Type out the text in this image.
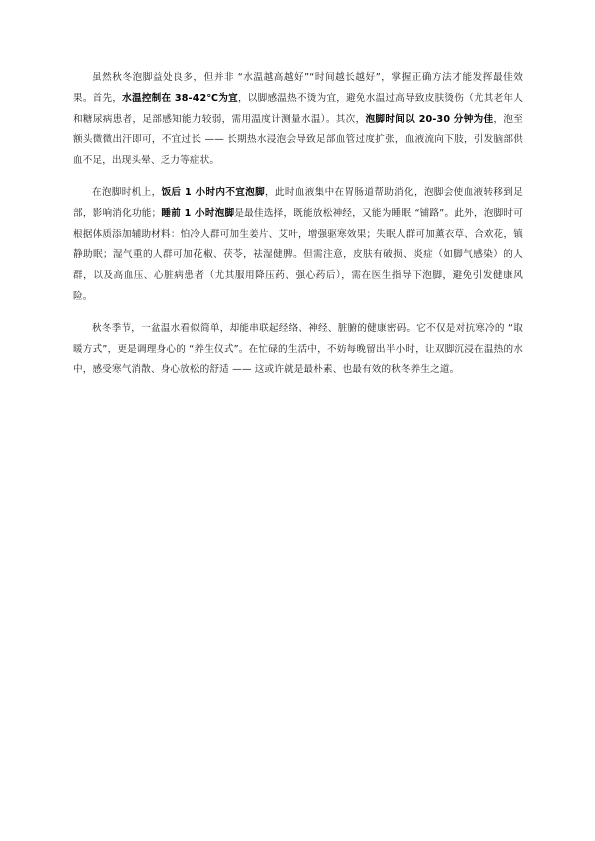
虽然秋冬泡脚益处良多，但并非 “水温越高越好”“时间越长越好”，掌握正确方法才能发挥最佳效果。首先，水温控制在 38-42℃为宜，以脚感温热不烫为宜，避免水温过高导致皮肤烫伤（尤其老年人和糖尿病患者，足部感知能力较弱，需用温度计测量水温）。其次，泡脚时间以 20-30 分钟为佳，泡至额头微微出汗即可，不宜过长 —— 长期热水浸泡会导致足部血管过度扩张，血液流向下肢，引发脑部供血不足，出现头晕、乏力等症状。

在泡脚时机上，饭后 1 小时内不宜泡脚，此时血液集中在胃肠道帮助消化，泡脚会使血液转移到足部，影响消化功能；睡前 1 小时泡脚是最佳选择，既能放松神经，又能为睡眠 “铺路”。此外，泡脚时可根据体质添加辅助材料：怕冷人群可加生姜片、艾叶，增强驱寒效果；失眠人群可加薰衣草、合欢花，镇静助眠；湿气重的人群可加花椒、茯苓，祛湿健脾。但需注意，皮肤有破损、炎症（如脚气感染）的人群，以及高血压、心脏病患者（尤其服用降压药、强心药后），需在医生指导下泡脚，避免引发健康风险。

秋冬季节，一盆温水看似简单，却能串联起经络、神经、脏腑的健康密码。它不仅是对抗寒冷的 “取暖方式”，更是调理身心的 “养生仪式”。在忙碌的生活中，不妨每晚留出半小时，让双脚沉浸在温热的水中，感受寒气消散、身心放松的舒适 —— 这或许就是最朴素、也最有效的秋冬养生之道。
